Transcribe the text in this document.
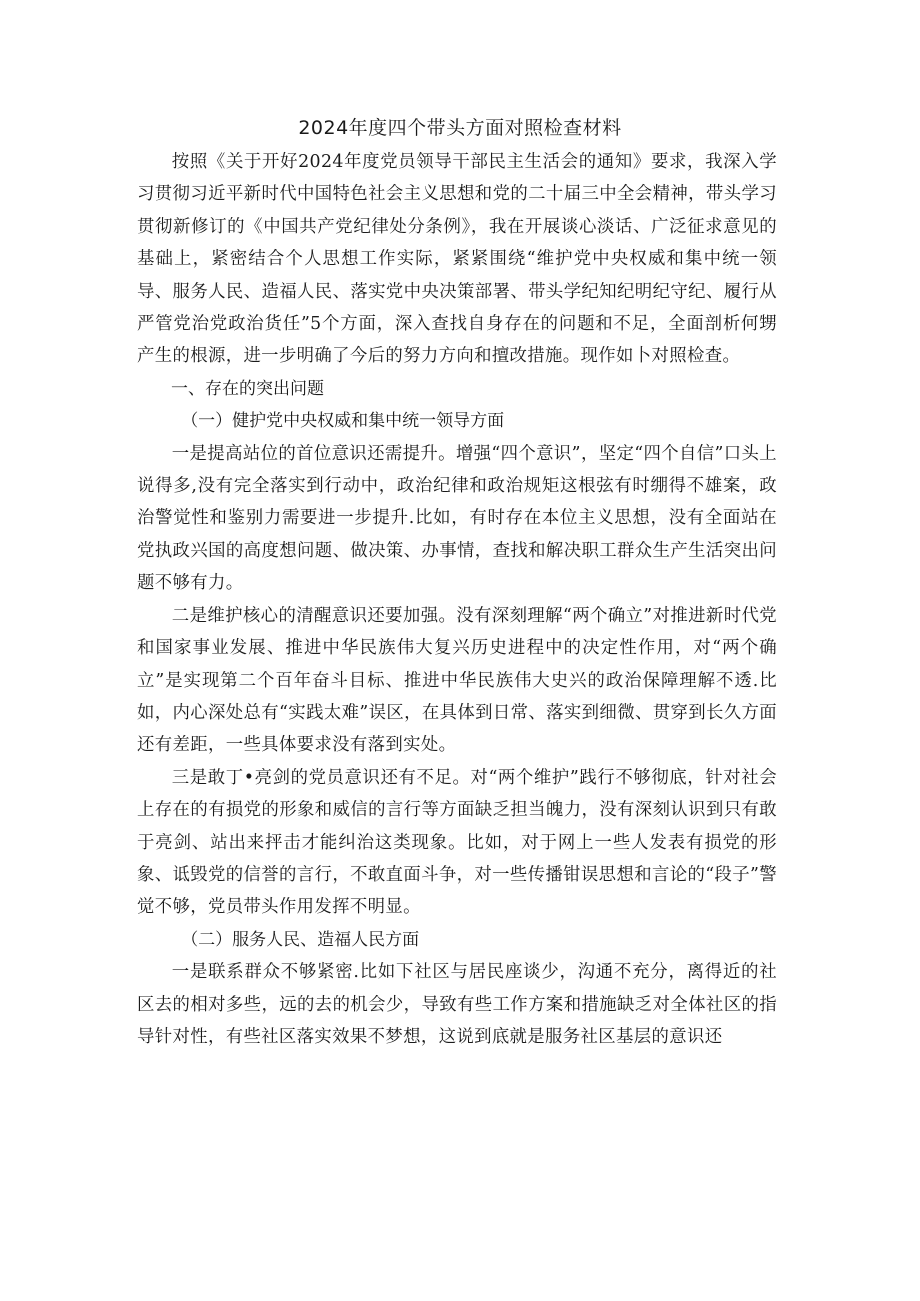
2024年度四个带头方面对照检查材料

按照《关于开好2024年度党员领导干部民主生活会的通知》要求，我深入学习贯彻习近平新时代中国特色社会主义思想和党的二十届三中全会精神，带头学习贯彻新修订的《中国共产党纪律处分条例》，我在开展谈心淡话、广泛征求意见的基础上，紧密结合个人思想工作实际，紧紧围绕“维护党中央权威和集中统一领导、服务人民、造福人民、落实党中央决策部署、带头学纪知纪明纪守纪、履行从严管党治党政治货任”5个方面，深入查找自身存在的问题和不足，全面剖析何甥产生的根源，进一步明确了今后的努力方向和擅改措施。现作如卜对照检查。

一、存在的突出问题

（一）健护党中央权威和集中统一领导方面

一是提高站位的首位意识还需提升。增强“四个意识”，坚定“四个自信”口头上说得多,没有完全落实到行动中，政治纪律和政治规矩这根弦有时绷得不雄案，政治警觉性和鉴别力需要进一步提升.比如，有时存在本位主义思想，没有全面站在党执政兴国的高度想问题、做决策、办事情，查找和解决职工群众生产生活突出问题不够有力。

二是维护核心的清醒意识还要加强。没有深刻理解“两个确立”对推进新时代党和国家事业发展、推进中华民族伟大复兴历史进程中的决定性作用，对“两个确立”是实现第二个百年奋斗目标、推进中华民族伟大史兴的政治保障理解不透.比如，内心深处总有“实践太难”误区，在具体到日常、落实到细微、贯穿到长久方面还有差距，一些具体要求没有落到实处。

三是敢丁•亮剑的党员意识还有不足。对“两个维护”践行不够彻底，针对社会上存在的有损党的形象和威信的言行等方面缺乏担当魄力，没有深刻认识到只有敢于亮剑、站出来抨击才能纠治这类现象。比如，对于网上一些人发表有损党的形象、诋毁党的信誉的言行，不敢直面斗争，对一些传播钳误思想和言论的“段子”警觉不够，党员带头作用发挥不明显。

（二）服务人民、造福人民方面

一是联系群众不够紧密.比如下社区与居民座谈少，沟通不充分，离得近的社区去的相对多些，远的去的机会少，导致有些工作方案和措施缺乏对全体社区的指导针对性，有些社区落实效果不梦想，这说到底就是服务社区基层的意识还
